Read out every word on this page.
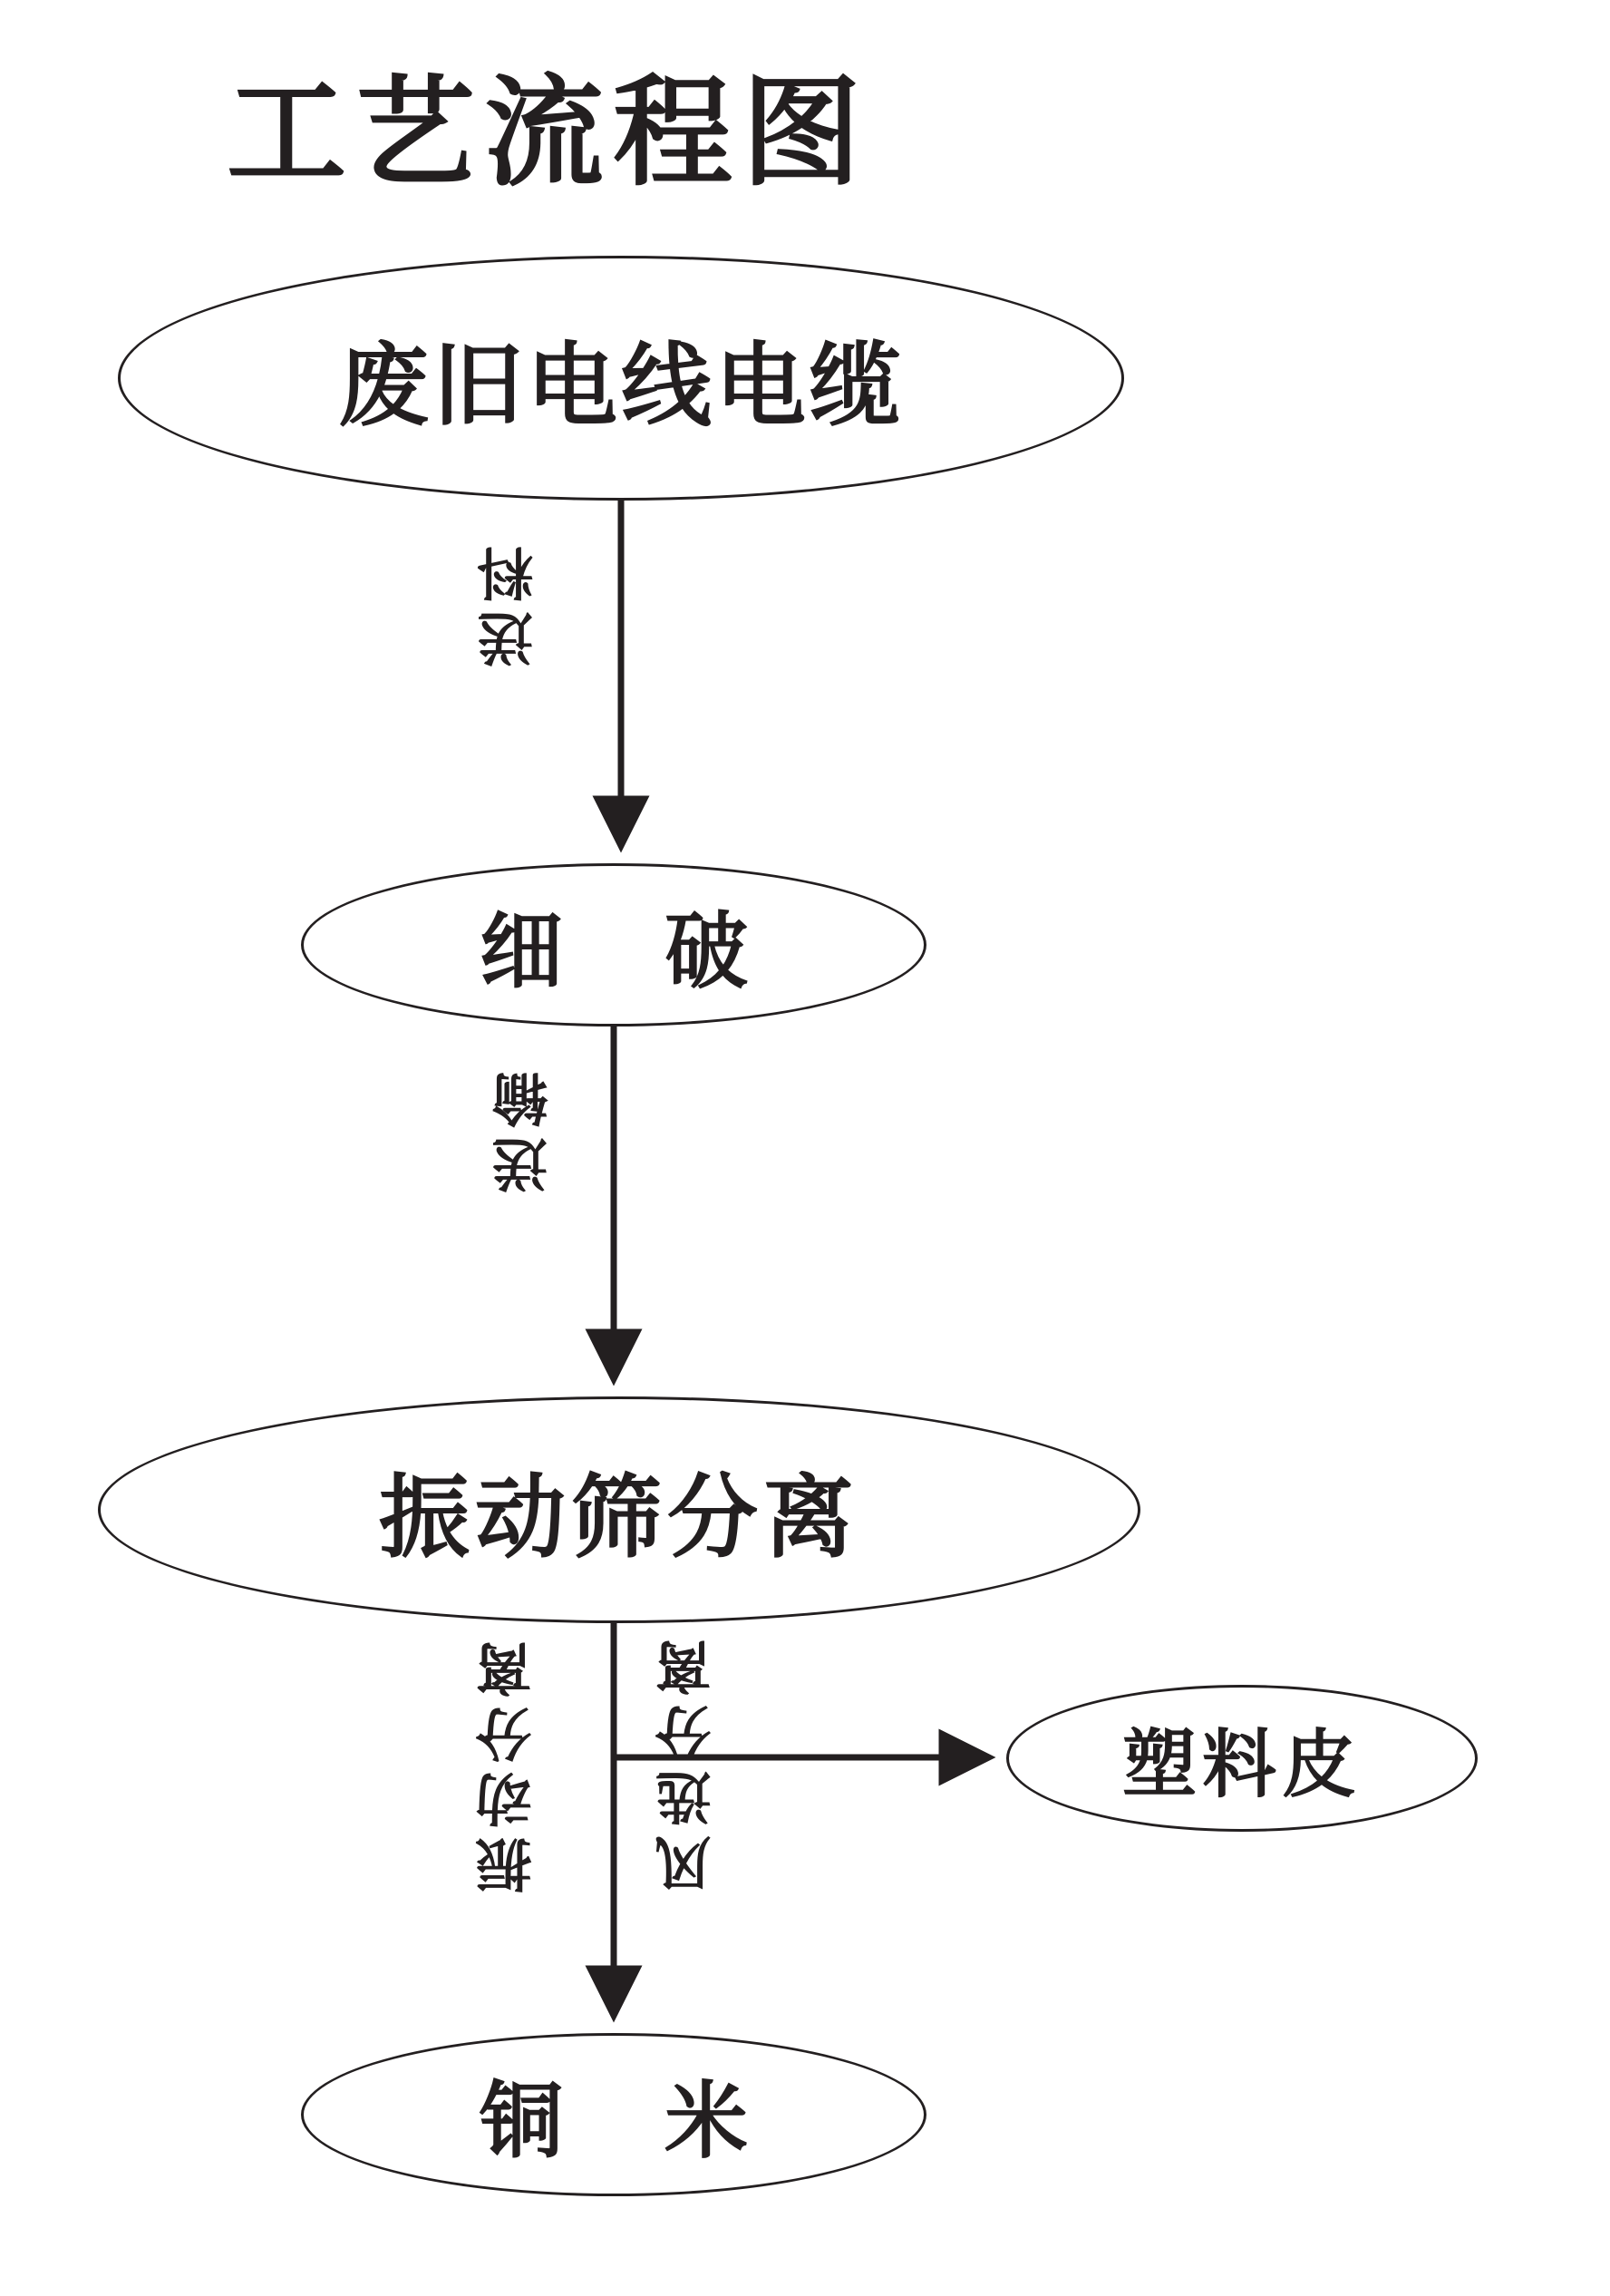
工艺流程图
废旧电线电缆
细 破
振动筛分离
塑料皮
铜 米
送料
送输
风选分离
振动分离
